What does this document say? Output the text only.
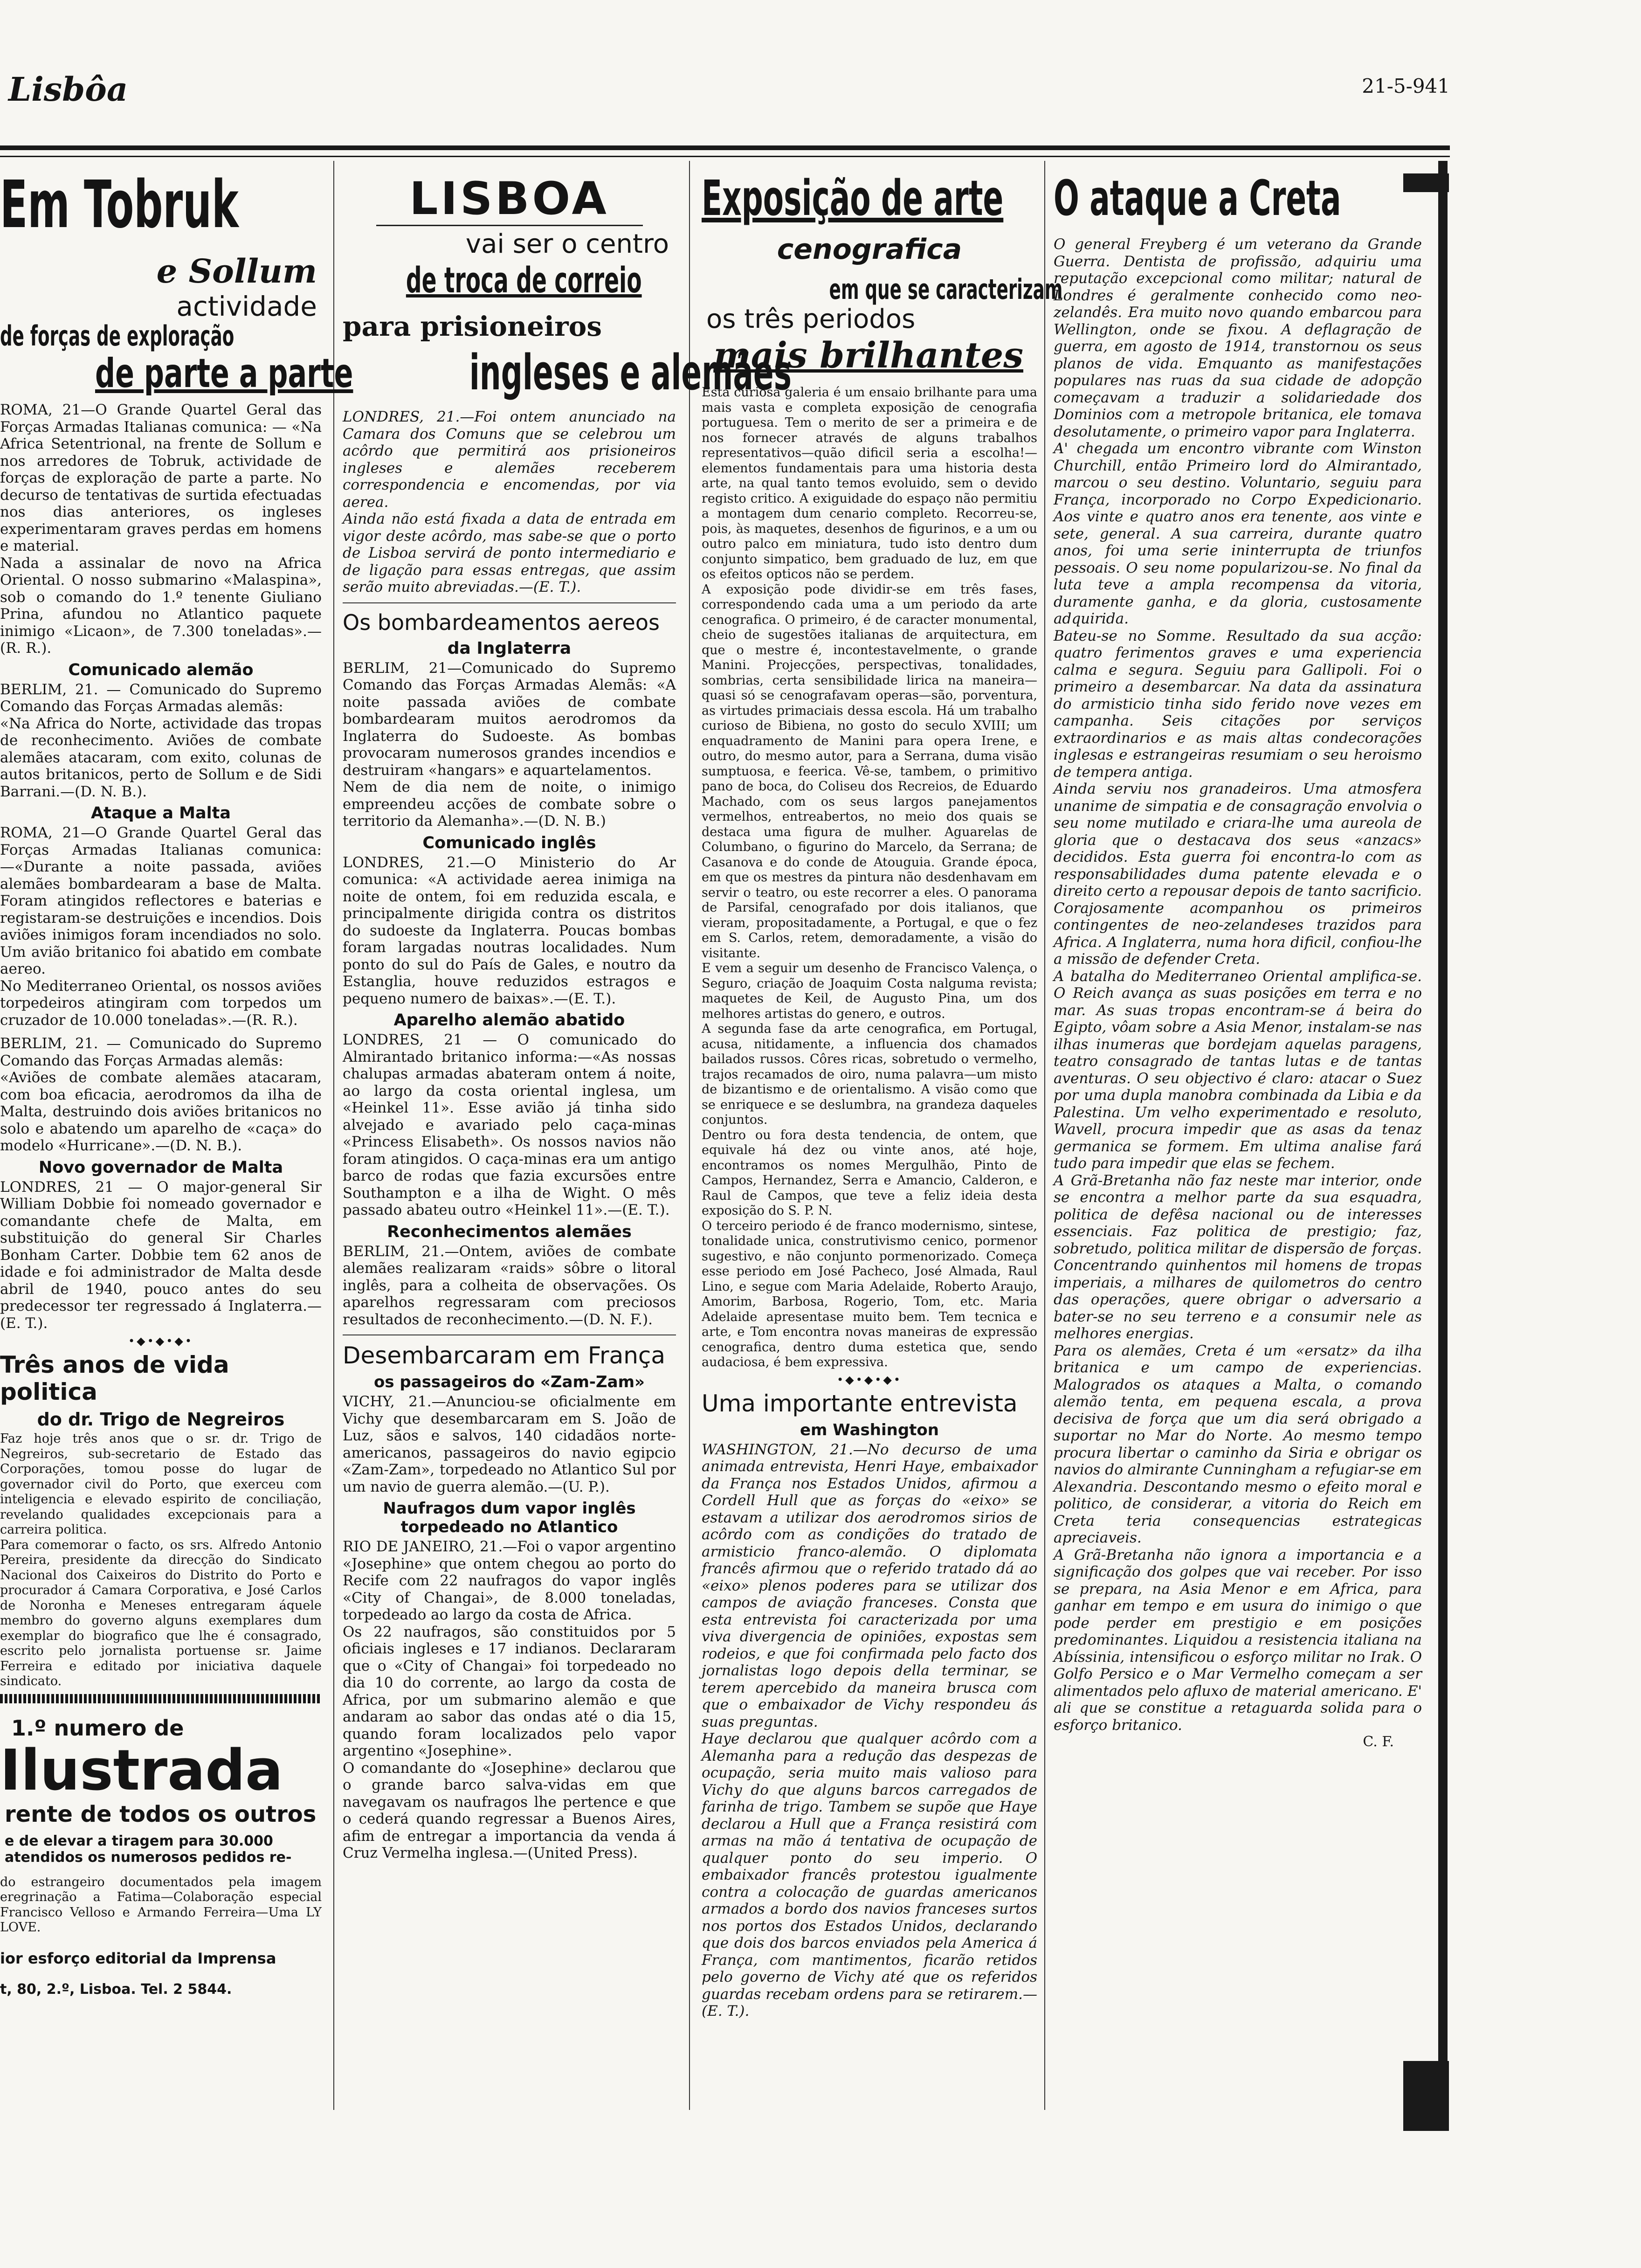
Lisbôa	21-5-941
Em Tobruk
e Sollum
actividade
de forças de exploração
de parte a parte

ROMA, 21—O Grande Quartel Geral das Forças Armadas Italianas comunica: — «Na Africa Setentrional, na frente de Sollum e nos arredores de Tobruk, actividade de forças de exploração de parte a parte. No decurso de tentativas de surtida efectuadas nos dias anteriores, os ingleses experimentaram graves perdas em homens e material.

Nada a assinalar de novo na Africa Oriental. O nosso submarino «Malaspina», sob o comando do 1.º tenente Giuliano Prina, afundou no Atlantico paquete inimigo «Licaon», de 7.300 toneladas».—(R. R.).

Comunicado alemão

BERLIM, 21. — Comunicado do Supremo Comando das Forças Armadas alemãs:

«Na Africa do Norte, actividade das tropas de reconhecimento. Aviões de combate alemães atacaram, com exito, colunas de autos britanicos, perto de Sollum e de Sidi Barrani.—(D. N. B.).

Ataque a Malta

ROMA, 21—O Grande Quartel Geral das Forças Armadas Italianas comunica:—«Durante a noite passada, aviões alemães bombardearam a base de Malta. Foram atingidos reflectores e baterias e registaram-se destruições e incendios. Dois aviões inimigos foram incendiados no solo. Um avião britanico foi abatido em combate aereo.

No Mediterraneo Oriental, os nossos aviões torpedeiros atingiram com torpedos um cruzador de 10.000 toneladas».—(R. R.).

BERLIM, 21. — Comunicado do Supremo Comando das Forças Armadas alemãs:

«Aviões de combate alemães atacaram, com boa eficacia, aerodromos da ilha de Malta, destruindo dois aviões britanicos no solo e abatendo um aparelho de «caça» do modelo «Hurricane».—(D. N. B.).

Novo governador de Malta

LONDRES, 21 — O major-general Sir William Dobbie foi nomeado governador e comandante chefe de Malta, em substituição do general Sir Charles Bonham Carter. Dobbie tem 62 anos de idade e foi administrador de Malta desde abril de 1940, pouco antes do seu predecessor ter regressado á Inglaterra.—(E. T.).

•◆•◆•◆•
Três anos de vida politica
do dr. Trigo de Negreiros

Faz hoje três anos que o sr. dr. Trigo de Negreiros, sub-secretario de Estado das Corporações, tomou posse do lugar de governador civil do Porto, que exerceu com inteligencia e elevado espirito de conciliação, revelando qualidades excepcionais para a carreira politica.

Para comemorar o facto, os srs. Alfredo Antonio Pereira, presidente da direcção do Sindicato Nacional dos Caixeiros do Distrito do Porto e procurador á Camara Corporativa, e José Carlos de Noronha e Meneses entregaram áquele membro do governo alguns exemplares dum exemplar do biografico que lhe é consagrado, escrito pelo jornalista portuense sr. Jaime Ferreira e editado por iniciativa daquele sindicato.

1.º numero de
Ilustrada
rente de todos os outros
e de elevar a tiragem para 30.000 atendidos os numerosos pedidos re-

do estrangeiro documentados pela imagem eregrinação a Fatima—Colaboração especial Francisco Velloso e Armando Ferreira—Uma LY LOVE.

ior esforço editorial da Imprensa
t, 80, 2.º, Lisboa. Tel. 2 5844.
LISBOA
vai ser o centro
de troca de correio
para prisioneiros
ingleses e alemães

LONDRES, 21.—Foi ontem anunciado na Camara dos Comuns que se celebrou um acôrdo que permitirá aos prisioneiros ingleses e alemães receberem correspondencia e encomendas, por via aerea.

Ainda não está fixada a data de entrada em vigor deste acôrdo, mas sabe-se que o porto de Lisboa servirá de ponto intermediario e de ligação para essas entregas, que assim serão muito abreviadas.—(E. T.).

Os bombardeamentos aereos
da Inglaterra

BERLIM, 21—Comunicado do Supremo Comando das Forças Armadas Alemãs: «A noite passada aviões de combate bombardearam muitos aerodromos da Inglaterra do Sudoeste. As bombas provocaram numerosos grandes incendios e destruiram «hangars» e aquartelamentos.

Nem de dia nem de noite, o inimigo empreendeu acções de combate sobre o territorio da Alemanha».—(D. N. B.)

Comunicado inglês

LONDRES, 21.—O Ministerio do Ar comunica: «A actividade aerea inimiga na noite de ontem, foi em reduzida escala, e principalmente dirigida contra os distritos do sudoeste da Inglaterra. Poucas bombas foram largadas noutras localidades. Num ponto do sul do País de Gales, e noutro da Estanglia, houve reduzidos estragos e pequeno numero de baixas».—(E. T.).

Aparelho alemão abatido

LONDRES, 21 — O comunicado do Almirantado britanico informa:—«As nossas chalupas armadas abateram ontem á noite, ao largo da costa oriental inglesa, um «Heinkel 11». Esse avião já tinha sido alvejado e avariado pelo caça-minas «Princess Elisabeth». Os nossos navios não foram atingidos. O caça-minas era um antigo barco de rodas que fazia excursões entre Southampton e a ilha de Wight. O mês passado abateu outro «Heinkel 11».—(E. T.).

Reconhecimentos alemães

BERLIM, 21.—Ontem, aviões de combate alemães realizaram «raids» sôbre o litoral inglês, para a colheita de observações. Os aparelhos regressaram com preciosos resultados de reconhecimento.—(D. N. F.).

Desembarcaram em França
os passageiros do «Zam-Zam»

VICHY, 21.—Anunciou-se oficialmente em Vichy que desembarcaram em S. João de Luz, sãos e salvos, 140 cidadãos norte-americanos, passageiros do navio egipcio «Zam-Zam», torpedeado no Atlantico Sul por um navio de guerra alemão.—(U. P.).

Naufragos dum vapor inglês torpedeado no Atlantico

RIO DE JANEIRO, 21.—Foi o vapor argentino «Josephine» que ontem chegou ao porto do Recife com 22 naufragos do vapor inglês «City of Changai», de 8.000 toneladas, torpedeado ao largo da costa de Africa.

Os 22 naufragos, são constituidos por 5 oficiais ingleses e 17 indianos. Declararam que o «City of Changai» foi torpedeado no dia 10 do corrente, ao largo da costa de Africa, por um submarino alemão e que andaram ao sabor das ondas até o dia 15, quando foram localizados pelo vapor argentino «Josephine».

O comandante do «Josephine» declarou que o grande barco salva-vidas em que navegavam os naufragos lhe pertence e que o cederá quando regressar a Buenos Aires, afim de entregar a importancia da venda á Cruz Vermelha inglesa.—(United Press).

Exposição de arte
cenografica
em que se caracterizam
os três periodos
mais brilhantes

Esta curiosa galeria é um ensaio brilhante para uma mais vasta e completa exposição de cenografia portuguesa. Tem o merito de ser a primeira e de nos fornecer através de alguns trabalhos representativos—quão dificil seria a escolha!—elementos fundamentais para uma historia desta arte, na qual tanto temos evoluido, sem o devido registo critico. A exiguidade do espaço não permitiu a montagem dum cenario completo. Recorreu-se, pois, às maquetes, desenhos de figurinos, e a um ou outro palco em miniatura, tudo isto dentro dum conjunto simpatico, bem graduado de luz, em que os efeitos opticos não se perdem.

A exposição pode dividir-se em três fases, correspondendo cada uma a um periodo da arte cenografica. O primeiro, é de caracter monumental, cheio de sugestões italianas de arquitectura, em que o mestre é, incontestavelmente, o grande Manini. Projecções, perspectivas, tonalidades, sombrias, certa sensibilidade lirica na maneira—quasi só se cenografavam operas—são, porventura, as virtudes primaciais dessa escola. Há um trabalho curioso de Bibiena, no gosto do seculo XVIII; um enquadramento de Manini para opera Irene, e outro, do mesmo autor, para a Serrana, duma visão sumptuosa, e feerica. Vê-se, tambem, o primitivo pano de boca, do Coliseu dos Recreios, de Eduardo Machado, com os seus largos panejamentos vermelhos, entreabertos, no meio dos quais se destaca uma figura de mulher. Aguarelas de Columbano, o figurino do Marcelo, da Serrana; de Casanova e do conde de Atouguia. Grande época, em que os mestres da pintura não desdenhavam em servir o teatro, ou este recorrer a eles. O panorama de Parsifal, cenografado por dois italianos, que vieram, propositadamente, a Portugal, e que o fez em S. Carlos, retem, demoradamente, a visão do visitante.

E vem a seguir um desenho de Francisco Valença, o Seguro, criação de Joaquim Costa nalguma revista; maquetes de Keil, de Augusto Pina, um dos melhores artistas do genero, e outros.

A segunda fase da arte cenografica, em Portugal, acusa, nitidamente, a influencia dos chamados bailados russos. Côres ricas, sobretudo o vermelho, trajos recamados de oiro, numa palavra—um misto de bizantismo e de orientalismo. A visão como que se enriquece e se deslumbra, na grandeza daqueles conjuntos.

Dentro ou fora desta tendencia, de ontem, que equivale há dez ou vinte anos, até hoje, encontramos os nomes Mergulhão, Pinto de Campos, Hernandez, Serra e Amancio, Calderon, e Raul de Campos, que teve a feliz ideia desta exposição do S. P. N.

O terceiro periodo é de franco modernismo, sintese, tonalidade unica, construtivismo cenico, pormenor sugestivo, e não conjunto pormenorizado. Começa esse periodo em José Pacheco, José Almada, Raul Lino, e segue com Maria Adelaide, Roberto Araujo, Amorim, Barbosa, Rogerio, Tom, etc. Maria Adelaide apresentase muito bem. Tem tecnica e arte, e Tom encontra novas maneiras de expressão cenografica, dentro duma estetica que, sendo audaciosa, é bem expressiva.

•◆•◆•◆•
Uma importante entrevista
em Washington

WASHINGTON, 21.—No decurso de uma animada entrevista, Henri Haye, embaixador da França nos Estados Unidos, afirmou a Cordell Hull que as forças do «eixo» se estavam a utilizar dos aerodromos sirios de acôrdo com as condições do tratado de armisticio franco-alemão. O diplomata francês afirmou que o referido tratado dá ao «eixo» plenos poderes para se utilizar dos campos de aviação franceses. Consta que esta entrevista foi caracterizada por uma viva divergencia de opiniões, expostas sem rodeios, e que foi confirmada pelo facto dos jornalistas logo depois della terminar, se terem apercebido da maneira brusca com que o embaixador de Vichy respondeu ás suas preguntas.

Haye declarou que qualquer acôrdo com a Alemanha para a redução das despezas de ocupação, seria muito mais valioso para Vichy do que alguns barcos carregados de farinha de trigo. Tambem se supõe que Haye declarou a Hull que a França resistirá com armas na mão á tentativa de ocupação de qualquer ponto do seu imperio. O embaixador francês protestou igualmente contra a colocação de guardas americanos armados a bordo dos navios franceses surtos nos portos dos Estados Unidos, declarando que dois dos barcos enviados pela America á França, com mantimentos, ficarão retidos pelo governo de Vichy até que os referidos guardas recebam ordens para se retirarem.—(E. T.).

O ataque a Creta

O general Freyberg é um veterano da Grande Guerra. Dentista de profissão, adquiriu uma reputação excepcional como militar; natural de Londres é geralmente conhecido como neo-zelandês. Era muito novo quando embarcou para Wellington, onde se fixou. A deflagração de guerra, em agosto de 1914, transtornou os seus planos de vida. Emquanto as manifestações populares nas ruas da sua cidade de adopção começavam a traduzir a solidariedade dos Dominios com a metropole britanica, ele tomava desolutamente, o primeiro vapor para Inglaterra.

A' chegada um encontro vibrante com Winston Churchill, então Primeiro lord do Almirantado, marcou o seu destino. Voluntario, seguiu para França, incorporado no Corpo Expedicionario. Aos vinte e quatro anos era tenente, aos vinte e sete, general. A sua carreira, durante quatro anos, foi uma serie ininterrupta de triunfos pessoais. O seu nome popularizou-se. No final da luta teve a ampla recompensa da vitoria, duramente ganha, e da gloria, custosamente adquirida.

Bateu-se no Somme. Resultado da sua acção: quatro ferimentos graves e uma experiencia calma e segura. Seguiu para Gallipoli. Foi o primeiro a desembarcar. Na data da assinatura do armisticio tinha sido ferido nove vezes em campanha. Seis citações por serviços extraordinarios e as mais altas condecorações inglesas e estrangeiras resumiam o seu heroismo de tempera antiga.

Ainda serviu nos granadeiros. Uma atmosfera unanime de simpatia e de consagração envolvia o seu nome mutilado e criara-lhe uma aureola de gloria que o destacava dos seus «anzacs» decididos. Esta guerra foi encontra-lo com as responsabilidades duma patente elevada e o direito certo a repousar depois de tanto sacrificio. Corajosamente acompanhou os primeiros contingentes de neo-zelandeses trazidos para Africa. A Inglaterra, numa hora dificil, confiou-lhe a missão de defender Creta.

A batalha do Mediterraneo Oriental amplifica-se. O Reich avança as suas posições em terra e no mar. As suas tropas encontram-se á beira do Egipto, vôam sobre a Asia Menor, instalam-se nas ilhas inumeras que bordejam aquelas paragens, teatro consagrado de tantas lutas e de tantas aventuras. O seu objectivo é claro: atacar o Suez por uma dupla manobra combinada da Libia e da Palestina. Um velho experimentado e resoluto, Wavell, procura impedir que as asas da tenaz germanica se formem. Em ultima analise fará tudo para impedir que elas se fechem.

A Grã-Bretanha não faz neste mar interior, onde se encontra a melhor parte da sua esquadra, politica de defêsa nacional ou de interesses essenciais. Faz politica de prestigio; faz, sobretudo, politica militar de dispersão de forças. Concentrando quinhentos mil homens de tropas imperiais, a milhares de quilometros do centro das operações, quere obrigar o adversario a bater-se no seu terreno e a consumir nele as melhores energias.

Para os alemães, Creta é um «ersatz» da ilha britanica e um campo de experiencias. Malogrados os ataques a Malta, o comando alemão tenta, em pequena escala, a prova decisiva de força que um dia será obrigado a suportar no Mar do Norte. Ao mesmo tempo procura libertar o caminho da Siria e obrigar os navios do almirante Cunningham a refugiar-se em Alexandria. Descontando mesmo o efeito moral e politico, de considerar, a vitoria do Reich em Creta teria consequencias estrategicas apreciaveis.

A Grã-Bretanha não ignora a importancia e a significação dos golpes que vai receber. Por isso se prepara, na Asia Menor e em Africa, para ganhar em tempo e em usura do inimigo o que pode perder em prestigio e em posições predominantes. Liquidou a resistencia italiana na Abíssinia, intensificou o esforço militar no Irak. O Golfo Persico e o Mar Vermelho começam a ser alimentados pelo afluxo de material americano. E' ali que se constitue a retaguarda solida para o esforço britanico.

C. F.
